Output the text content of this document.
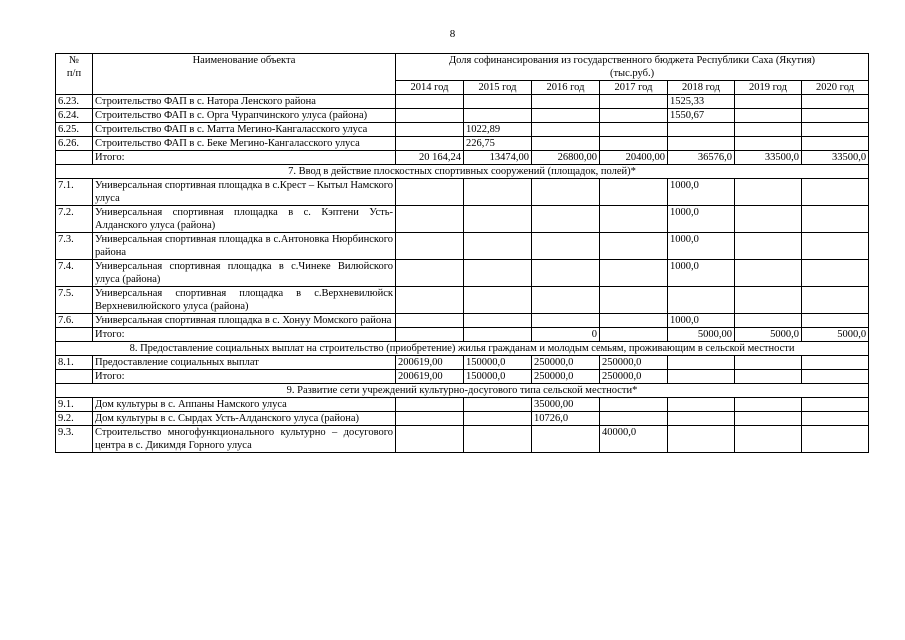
8
№
п/п	Наименование объекта	Доля софинансирования из государственного бюджета Республики Саха (Якутия)
(тыс.руб.)						
		2014 год	2015 год	2016 год	2017 год	2018 год	2019 год	2020 год
6.23.	Строительство ФАП в с. Натора Ленского района					1525,33		
6.24.	Строительство ФАП в с. Орга Чурапчинского улуса (района)					1550,67		
6.25.	Строительство ФАП в с. Матта Мегино-Кангаласского улуса		1022,89					
6.26.	Строительство ФАП в с. Беке Мегино-Кангаласского улуса		226,75					
	Итого:	20 164,24	13474,00	26800,00	20400,00	36576,0	33500,0	33500,0
7. Ввод в действие плоскостных спортивных сооружений (площадок, полей)*								
7.1.	Универсальная спортивная площадка в с.Крест – Кытыл Намского улуса					1000,0		
7.2.	Универсальная спортивная площадка в с. Кэптени Усть-Алданского улуса (района)					1000,0		
7.3.	Универсальная спортивная площадка в с.Антоновка Нюрбинского района					1000,0		
7.4.	Универсальная спортивная площадка в с.Чинеке Вилюйского улуса (района)					1000,0		
7.5.	Универсальная спортивная площадка в с.Верхневилюйск Верхневилюйского улуса (района)							
7.6.	Универсальная спортивная площадка в с. Хонуу Момского района					1000,0		
	Итого:			0		5000,00	5000,0	5000,0
8. Предоставление социальных выплат на строительство (приобретение) жилья гражданам и молодым семьям, проживающим в сельской местности								
8.1.	Предоставление социальных выплат	200619,00	150000,0	250000,0	250000,0			
	Итого:	200619,00	150000,0	250000,0	250000,0			
9. Развитие сети учреждений культурно-досугового типа сельской местности*								
9.1.	Дом культуры в с. Аппаны Намского улуса			35000,00				
9.2.	Дом культуры в с. Сырдах Усть-Алданского улуса (района)			10726,0				
9.3.	Строительство многофункционального культурно – досугового центра в с. Дикимдя Горного улуса				40000,0			
